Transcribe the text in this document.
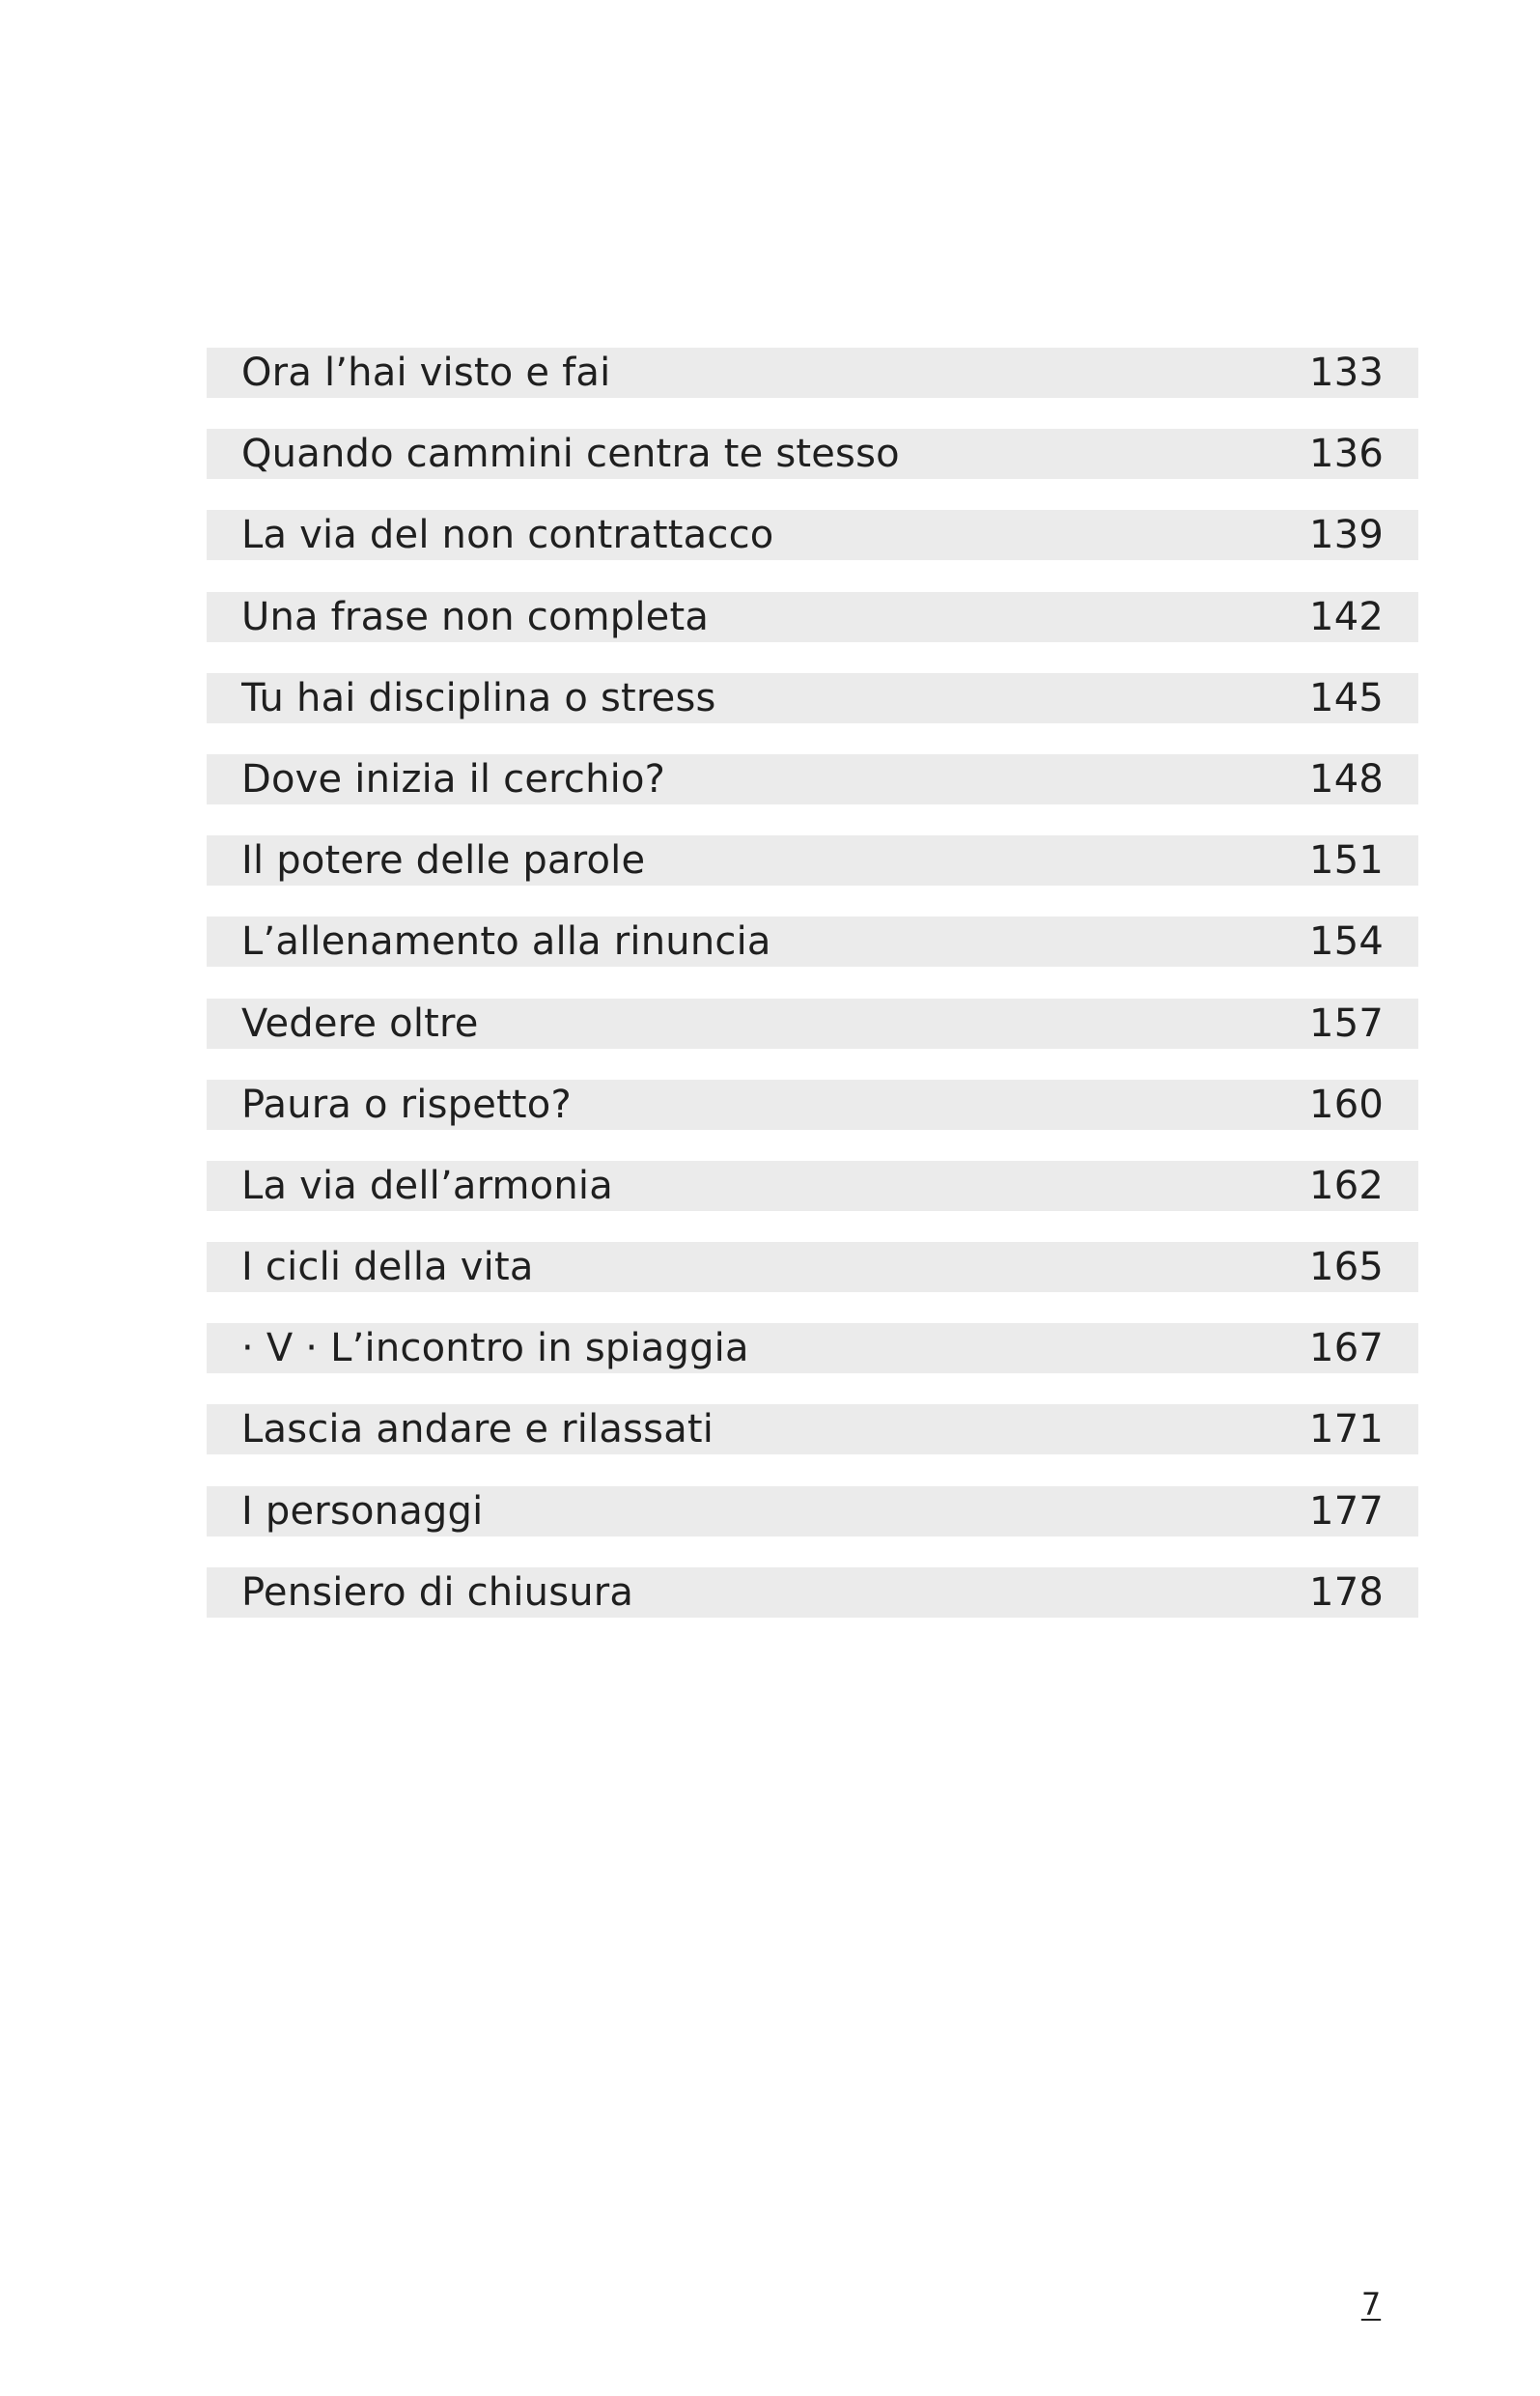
Ora l’hai visto e fai	133
Quando cammini centra te stesso	136
La via del non contrattacco	139
Una frase non completa	142
Tu hai disciplina o stress	145
Dove inizia il cerchio?	148
Il potere delle parole	151
L’allenamento alla rinuncia	154
Vedere oltre	157
Paura o rispetto?	160
La via dell’armonia	162
I cicli della vita	165
· V · L’incontro in spiaggia	167
Lascia andare e rilassati	171
I personaggi	177
Pensiero di chiusura	178
7
